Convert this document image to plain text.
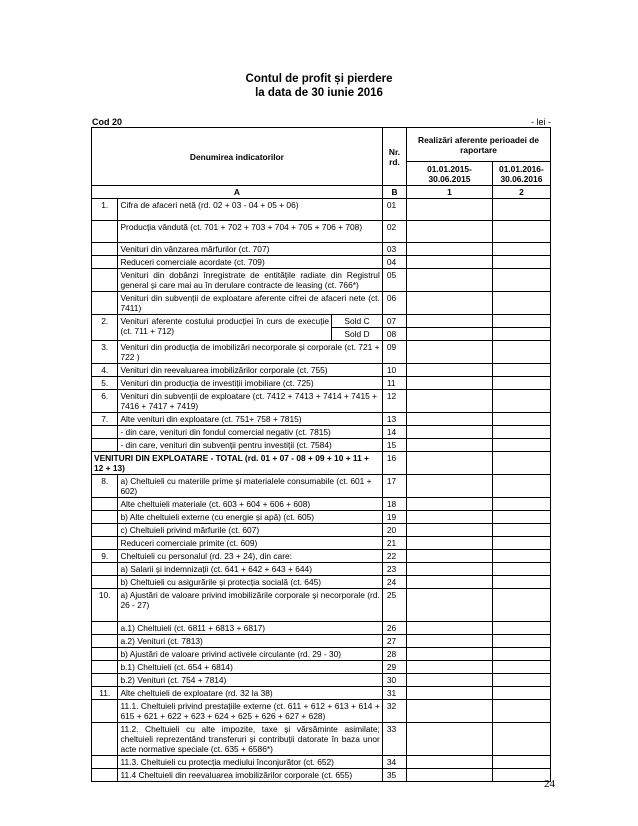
Contul de profit și pierdere
la data de 30 iunie 2016
Cod 20	- lei -
Denumirea indicatorilor			Nr. rd.	Realizări aferente perioadei de raportare	
				01.01.2015-30.06.2015	01.01.2016-30.06.2016
A			B	1	2
1.	Cifra de afaceri netă (rd. 02 + 03 - 04 + 05 + 06)		01		
	Producția vândută (ct. 701 + 702 + 703 + 704 + 705 + 706 + 708)		02		
	Venituri din vânzarea mărfurilor (ct. 707)		03		
	Reduceri comerciale acordate (ct. 709)		04		
	Venituri din dobânzi înregistrate de entitățile radiate din Registrul general și care mai au în derulare contracte de leasing (ct. 766*)		05		
	Venituri din subvenții de exploatare aferente cifrei de afaceri nete (ct. 7411)		06		
2.	Venituri aferente costului producției în curs de execuție (ct. 711 + 712)	Sold C	07		
		Sold D	08		
3.	Venituri din producția de imobilizări necorporale și corporale (ct. 721 + 722 )		09		
4.	Venituri din reevaluarea imobilizărilor corporale (ct. 755)		10		
5.	Venituri din producția de investiții imobiliare (ct. 725)		11		
6.	Venituri din subvenții de exploatare (ct. 7412 + 7413 + 7414 + 7415 + 7416 + 7417 + 7419)		12		
7.	Alte venituri din exploatare (ct. 751+ 758 + 7815)		13		
	- din care, venituri din fondul comercial negativ (ct. 7815)		14		
	- din care, venituri din subvenții pentru investiții (ct. 7584)		15		
VENITURI DIN EXPLOATARE - TOTAL (rd. 01 + 07 - 08 + 09 + 10 + 11 + 12 + 13)			16		
8.	a) Cheltuieli cu materiile prime și materialele consumabile (ct. 601 + 602)		17		
	Alte cheltuieli materiale (ct. 603 + 604 + 606 + 608)		18		
	b) Alte cheltuieli externe (cu energie și apă) (ct. 605)		19		
	c) Cheltuieli privind mărfurile (ct. 607)		20		
	Reduceri comerciale primite (ct. 609)		21		
9.	Cheltuieli cu personalul (rd. 23 + 24), din care:		22		
	a) Salarii și indemnizații (ct. 641 + 642 + 643 + 644)		23		
	b) Cheltuieli cu asigurările și protecția socială (ct. 645)		24		
10.	a) Ajustări de valoare privind imobilizările corporale și necorporale (rd. 26 - 27)		25		
	a.1) Cheltuieli (ct. 6811 + 6813 + 6817)		26		
	a.2) Venituri (ct. 7813)		27		
	b) Ajustări de valoare privind activele circulante (rd. 29 - 30)		28		
	b.1) Cheltuieli (ct. 654 + 6814)		29		
	b.2) Venituri (ct. 754 + 7814)		30		
11.	Alte cheltuieli de exploatare (rd. 32 la 38)		31		
	11.1. Cheltuieli privind prestațiile externe (ct. 611 + 612 + 613 + 614 + 615 + 621 + 622 + 623 + 624 + 625 + 626 + 627 + 628)		32		
	11.2. Cheltuieli cu alte impozite, taxe și vărsăminte asimilate; cheltuieli reprezentând transferuri și contribuții datorate în baza unor acte normative speciale (ct. 635 + 6586*)		33		
	11.3. Cheltuieli cu protecția mediului înconjurător (ct. 652)		34		
	11.4 Cheltuieli din reevaluarea imobilizărilor corporale (ct. 655)		35		
24
